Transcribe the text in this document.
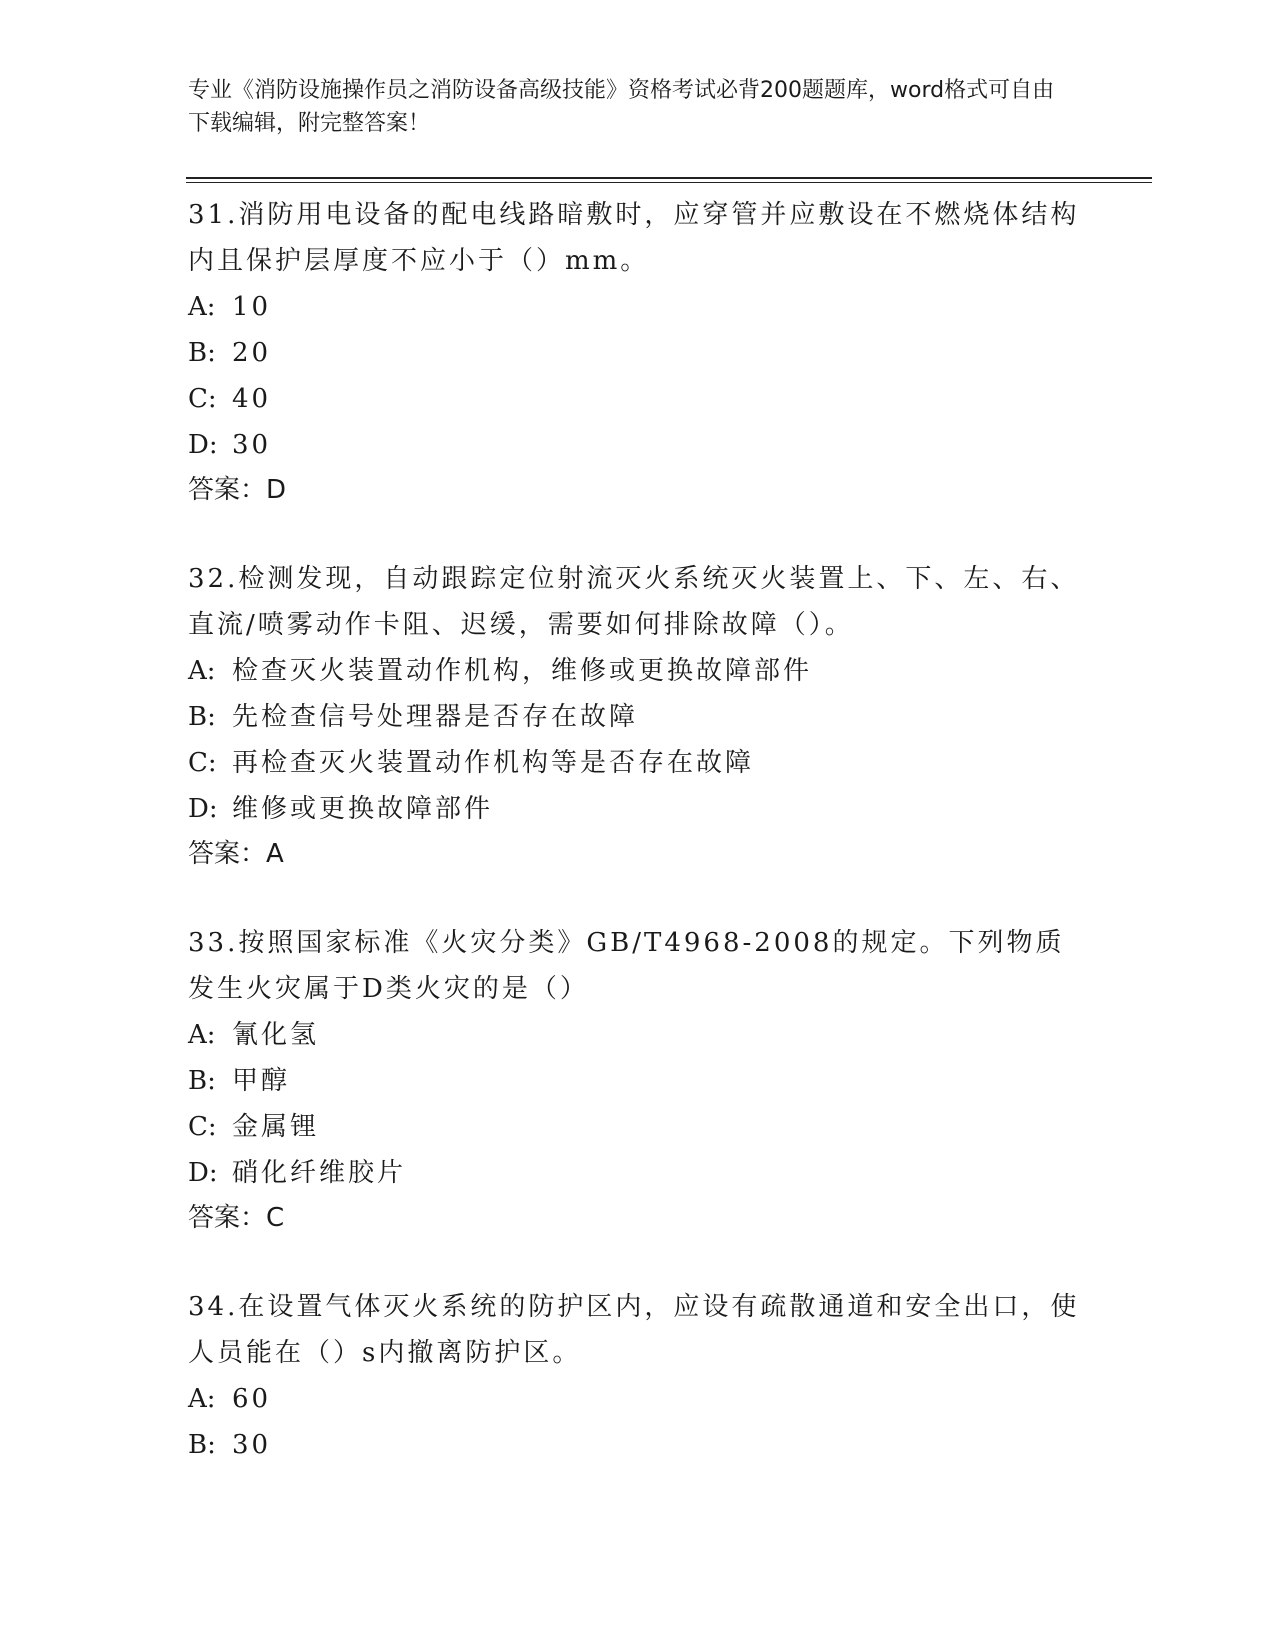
专业《消防设施操作员之消防设备高级技能》资格考试必背200题题库，word格式可自由下载编辑，附完整答案！

31.消防用电设备的配电线路暗敷时，应穿管并应敷设在不燃烧体结构内且保护层厚度不应小于（）mm。

A: 10

B: 20

C: 40

D: 30

答案：D

32.检测发现，自动跟踪定位射流灭火系统灭火装置上、下、左、右、直流/喷雾动作卡阻、迟缓，需要如何排除故障（）。

A: 检查灭火装置动作机构，维修或更换故障部件

B: 先检查信号处理器是否存在故障

C: 再检查灭火装置动作机构等是否存在故障

D: 维修或更换故障部件

答案：A

33.按照国家标准《火灾分类》GB/T4968-2008的规定。下列物质发生火灾属于D类火灾的是（）

A: 氰化氢

B: 甲醇

C: 金属锂

D: 硝化纤维胶片

答案：C

34.在设置气体灭火系统的防护区内，应设有疏散通道和安全出口，使人员能在（）s内撤离防护区。

A: 60

B: 30
